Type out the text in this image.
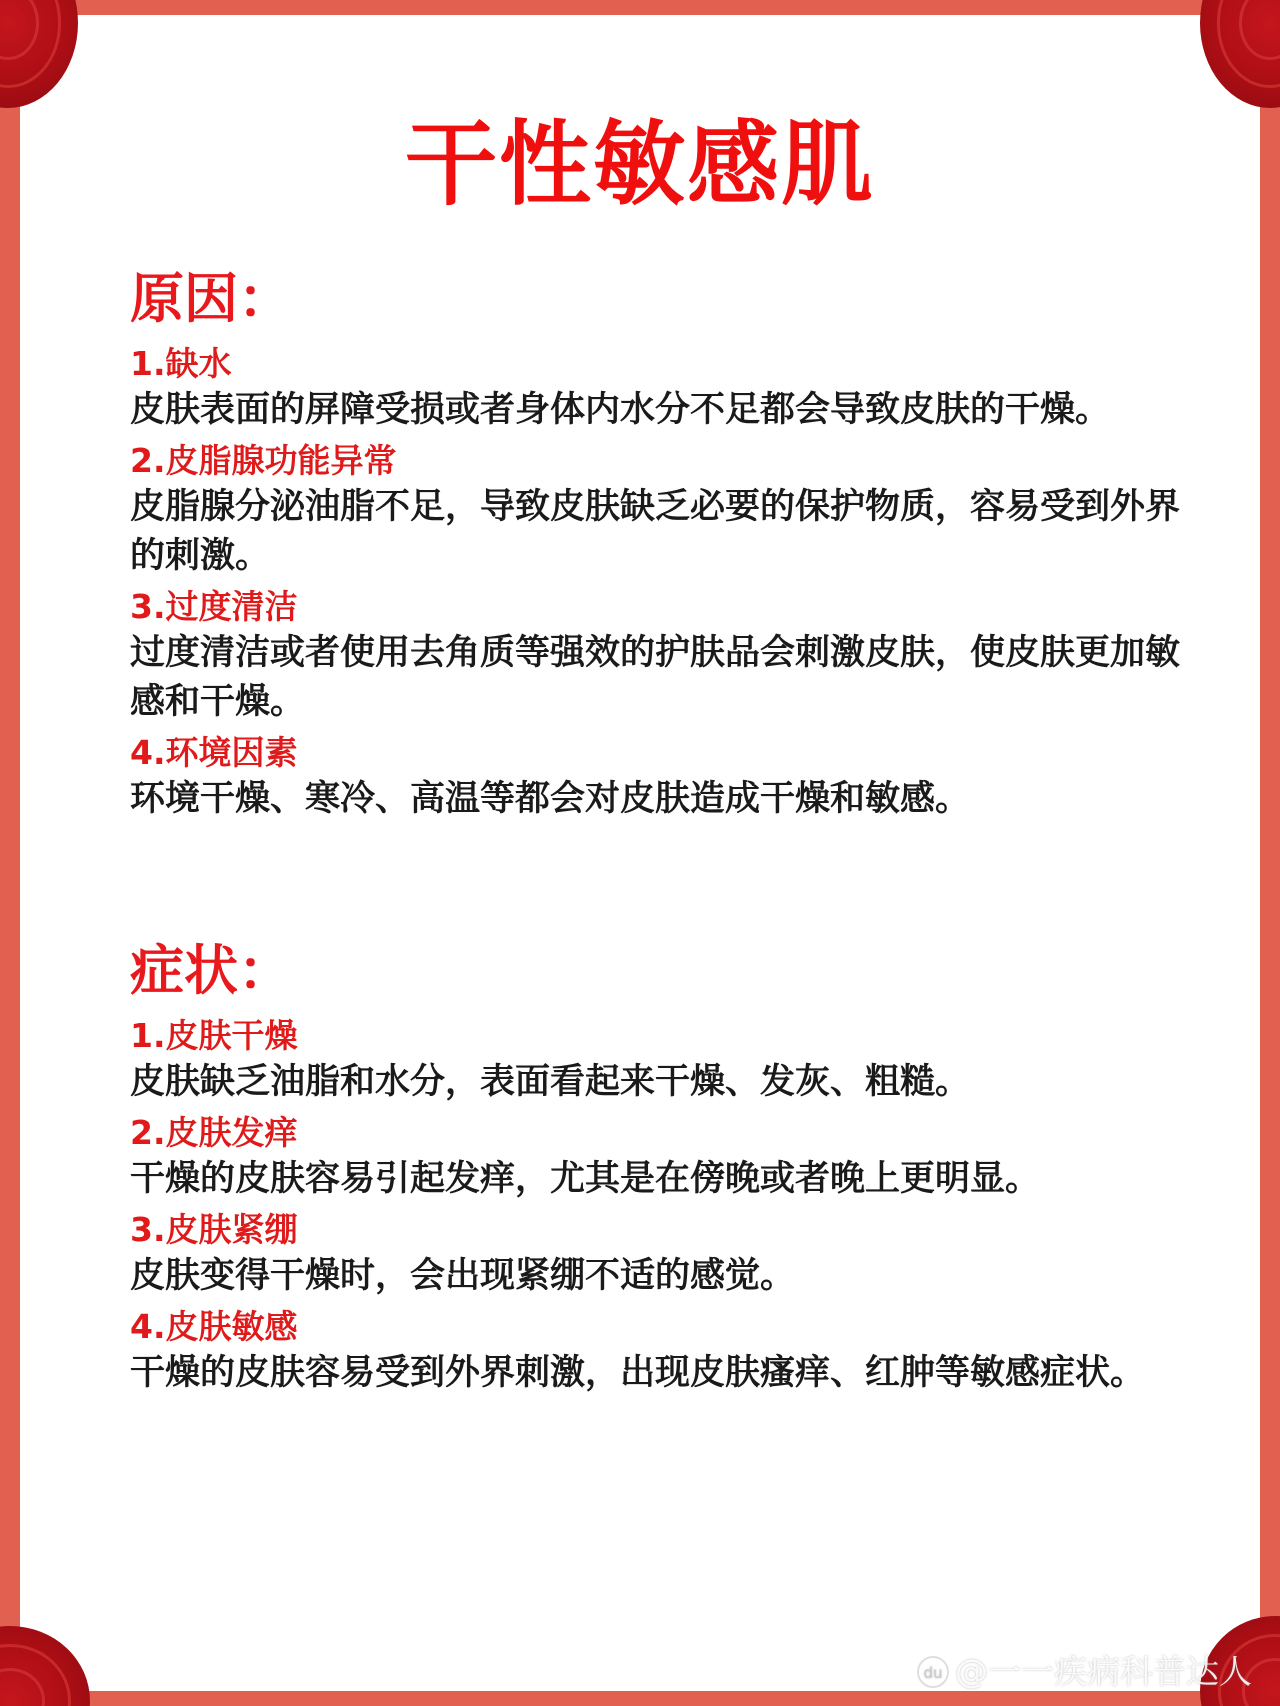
干性敏感肌
原因：
1.缺水
皮肤表面的屏障受损或者身体内水分不足都会导致皮肤的干燥。
2.皮脂腺功能异常
皮脂腺分泌油脂不足，导致皮肤缺乏必要的保护物质，容易受到外界的刺激。
3.过度清洁
过度清洁或者使用去角质等强效的护肤品会刺激皮肤，使皮肤更加敏感和干燥。
4.环境因素
环境干燥、寒冷、高温等都会对皮肤造成干燥和敏感。
症状：
1.皮肤干燥
皮肤缺乏油脂和水分，表面看起来干燥、发灰、粗糙。
2.皮肤发痒
干燥的皮肤容易引起发痒，尤其是在傍晚或者晚上更明显。
3.皮肤紧绷
皮肤变得干燥时，会出现紧绷不适的感觉。
4.皮肤敏感
干燥的皮肤容易受到外界刺激，出现皮肤瘙痒、红肿等敏感症状。
du @一一疾病科普达人
